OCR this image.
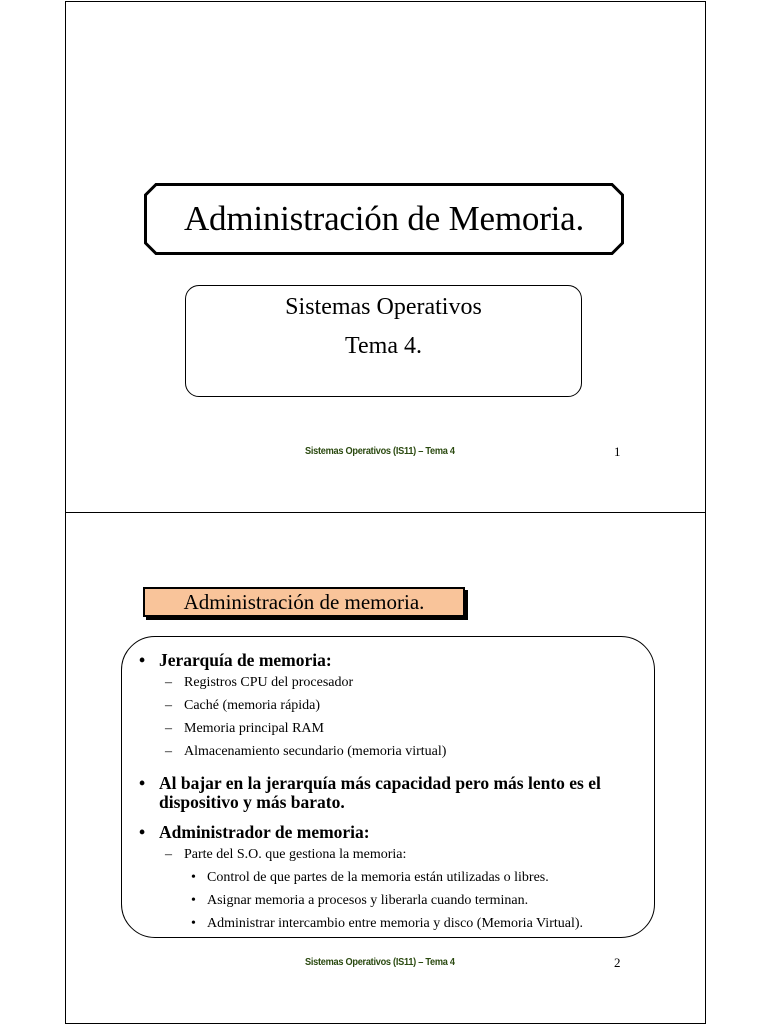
Administración de Memoria.
Sistemas Operativos
Tema 4.
Sistemas Operativos (IS11) – Tema 4	1
Administración de memoria.
• Jerarquía de memoria:
– Registros CPU del procesador
– Caché (memoria rápida)
– Memoria principal RAM
– Almacenamiento secundario (memoria virtual)
• Al bajar en la jerarquía más capacidad pero más lento es el dispositivo y más barato.
• Administrador de memoria:
– Parte del S.O. que gestiona la memoria:
• Control de que partes de la memoria están utilizadas o libres.
• Asignar memoria a procesos y liberarla cuando terminan.
• Administrar intercambio entre memoria y disco (Memoria Virtual).
Sistemas Operativos (IS11) – Tema 4	2
